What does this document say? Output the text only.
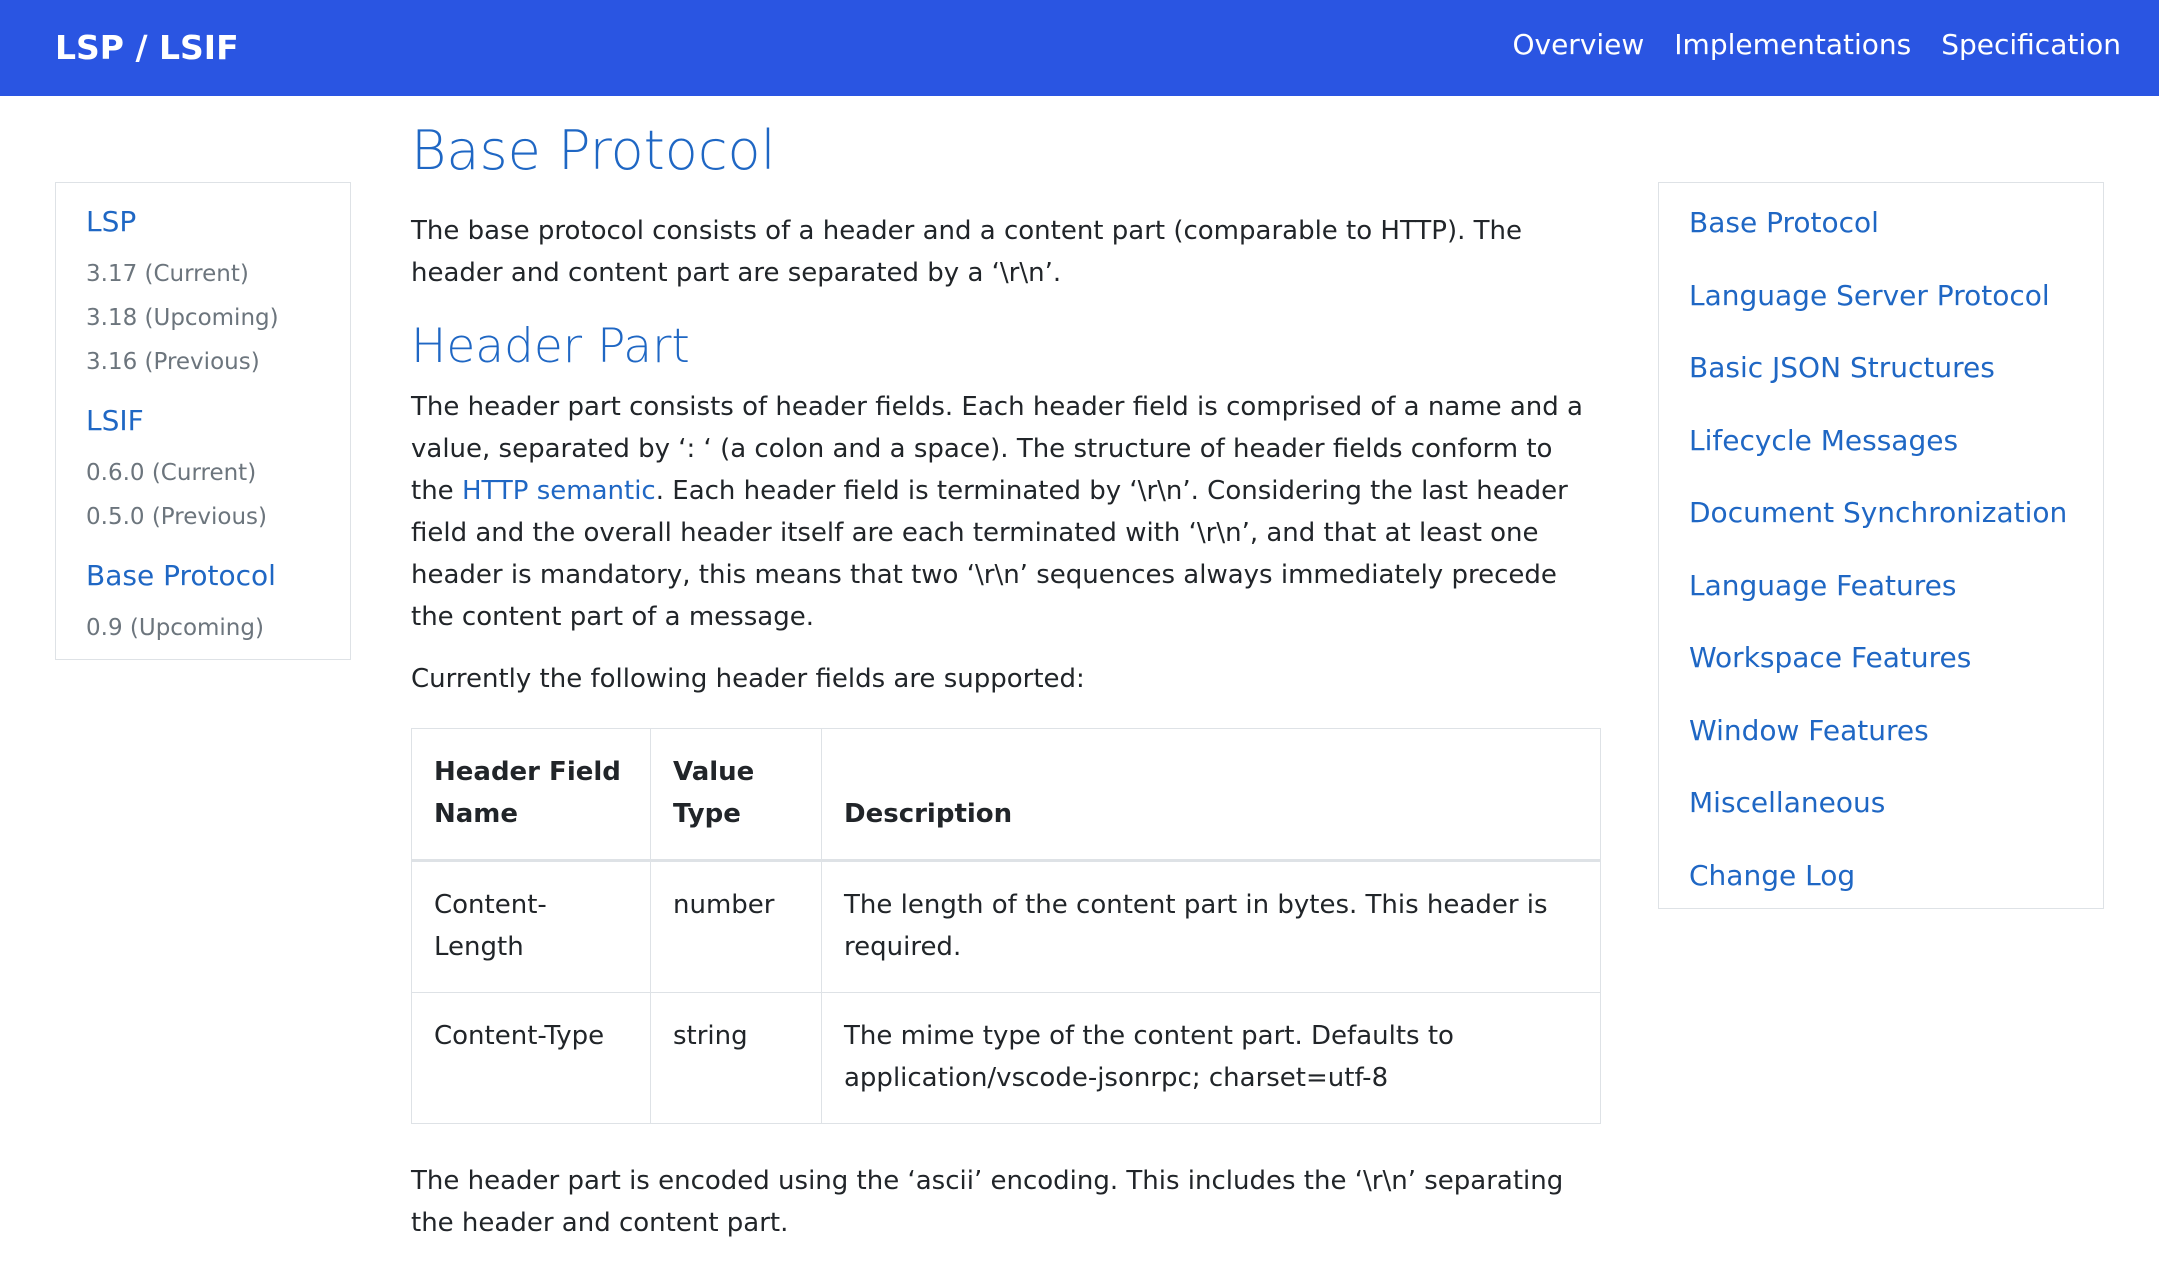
LSP / LSIF	Overview Implementations Specification
LSP
3.17 (Current)
3.18 (Upcoming)
3.16 (Previous)
LSIF
0.6.0 (Current)
0.5.0 (Previous)
Base Protocol
0.9 (Upcoming)
Base Protocol

The base protocol consists of a header and a content part (comparable to HTTP). The header and content part are separated by a ‘\r\n’.

Header Part

The header part consists of header fields. Each header field is comprised of a name and a value, separated by ‘: ‘ (a colon and a space). The structure of header fields conform to the HTTP semantic. Each header field is terminated by ‘\r\n’. Considering the last header field and the overall header itself are each terminated with ‘\r\n’, and that at least one header is mandatory, this means that two ‘\r\n’ sequences always immediately precede the content part of a message.

Currently the following header fields are supported:

Header Field Name	Value Type	Description
Content-Length	number	The length of the content part in bytes. This header is required.
Content-Type	string	The mime type of the content part. Defaults to application/vscode-jsonrpc; charset=utf-8

The header part is encoded using the ‘ascii’ encoding. This includes the ‘\r\n’ separating the header and content part.

Base Protocol
Language Server Protocol
Basic JSON Structures
Lifecycle Messages
Document Synchronization
Language Features
Workspace Features
Window Features
Miscellaneous
Change Log
